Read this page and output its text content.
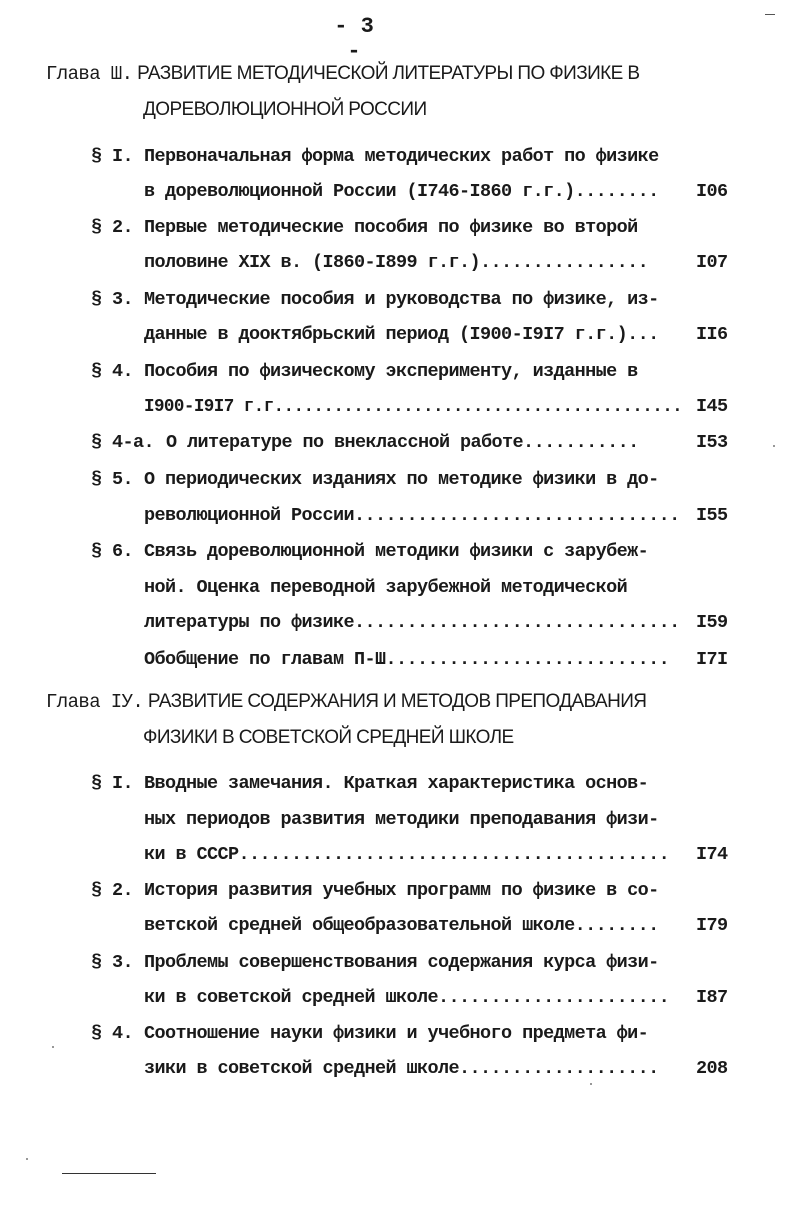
- 3 -
Глава Ш. РАЗВИТИЕ МЕТОДИЧЕСКОЙ ЛИТЕРАТУРЫ ПО ФИЗИКЕ В
ДОРЕВОЛЮЦИОННОЙ РОССИИ
§ I. Первоначальная форма методических работ по физике
в дореволюционной России (I746-I860 г.г.)........ I06
§ 2. Первые методические пособия по физике во второй
половине XIX в. (I860-I899 г.г.)................	I07
§ 3. Методические пособия и руководства по физике, из-
данные в дооктябрьский период (I900-I9I7 г.г.)... II6
§ 4. Пособия по физическому эксперименту, изданные в
I900-I9I7 г.г......................................... I45
§ 4-а. О литературе по внеклассной работе...........	I53
§ 5. О периодических изданиях по методике физики в до-
революционной России............................... I55
§ 6. Связь дореволюционной методики физики с зарубеж-
ной. Оценка переводной зарубежной методической
литературы по физике............................... I59
Обобщение по главам П-Ш........................... I7I
Глава IУ. РАЗВИТИЕ СОДЕРЖАНИЯ И МЕТОДОВ ПРЕПОДАВАНИЯ
ФИЗИКИ В СОВЕТСКОЙ СРЕДНЕЙ ШКОЛЕ
§ I. Вводные замечания. Краткая характеристика основ-
ных периодов развития методики преподавания физи-
ки в СССР......................................... I74
§ 2. История развития учебных программ по физике в со-
ветской средней общеобразовательной школе........ I79
§ 3. Проблемы совершенствования содержания курса физи-
ки в советской средней школе...................... I87
§ 4. Соотношение науки физики и учебного предмета фи-
зики в советской средней школе................... 208
